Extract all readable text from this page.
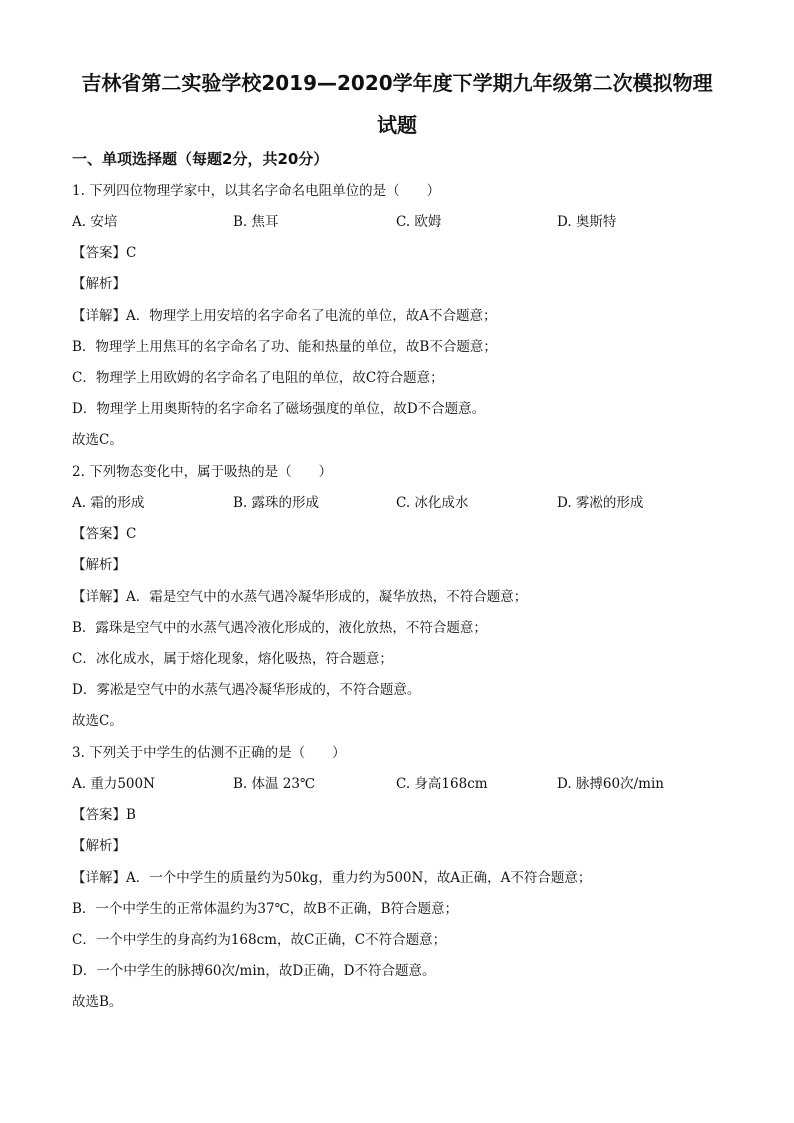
吉林省第二实验学校2019—2020学年度下学期九年级第二次模拟物理
试题
一、单项选择题（每题2分，共20分）
1. 下列四位物理学家中，以其名字命名电阻单位的是（　　）
A. 安培	B. 焦耳	C. 欧姆	D. 奥斯特
【答案】C
【解析】
【详解】A．物理学上用安培的名字命名了电流的单位，故A不合题意；
B．物理学上用焦耳的名字命名了功、能和热量的单位，故B不合题意；
C．物理学上用欧姆的名字命名了电阻的单位，故C符合题意；
D．物理学上用奥斯特的名字命名了磁场强度的单位，故D不合题意。
故选C。
2. 下列物态变化中，属于吸热的是（　　）
A. 霜的形成	B. 露珠的形成	C. 冰化成水	D. 雾凇的形成
【答案】C
【解析】
【详解】A．霜是空气中的水蒸气遇冷凝华形成的，凝华放热，不符合题意；
B．露珠是空气中的水蒸气遇冷液化形成的，液化放热，不符合题意；
C．冰化成水，属于熔化现象，熔化吸热，符合题意；
D．雾凇是空气中的水蒸气遇冷凝华形成的，不符合题意。
故选C。
3. 下列关于中学生的估测不正确的是（　　）
A. 重力500N	B. 体温 23℃	C. 身高168cm	D. 脉搏60次/min
【答案】B
【解析】
【详解】A．一个中学生的质量约为50kg，重力约为500N，故A正确，A不符合题意；
B．一个中学生的正常体温约为37℃，故B不正确，B符合题意；
C．一个中学生的身高约为168cm，故C正确，C不符合题意；
D．一个中学生的脉搏60次/min，故D正确，D不符合题意。
故选B。
